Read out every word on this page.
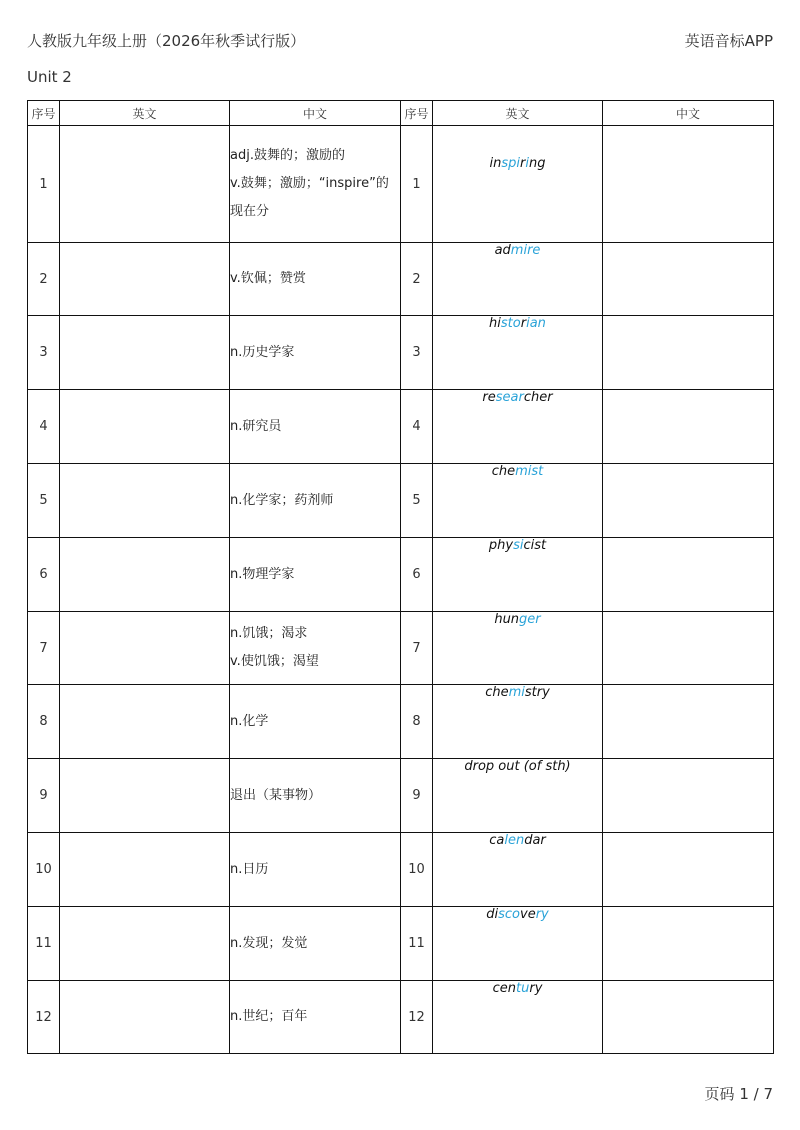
人教版九年级上册（2026年秋季试行版）	英语音标APP
Unit 2
序号	英文	中文	序号	英文	中文
1		adj.鼓舞的；激励的
v.鼓舞；激励；“inspire”的现在分	1	inspiring	
2		v.钦佩；赞赏	2	admire	
3		n.历史学家	3	historian	
4		n.研究员	4	researcher	
5		n.化学家；药剂师	5	chemist	
6		n.物理学家	6	physicist	
7		n.饥饿；渴求
v.使饥饿；渴望	7	hunger	
8		n.化学	8	chemistry	
9		退出（某事物）	9	drop out (of sth)	
10		n.日历	10	calendar	
11		n.发现；发觉	11	discovery	
12		n.世纪；百年	12	century	
页码 1 / 7
